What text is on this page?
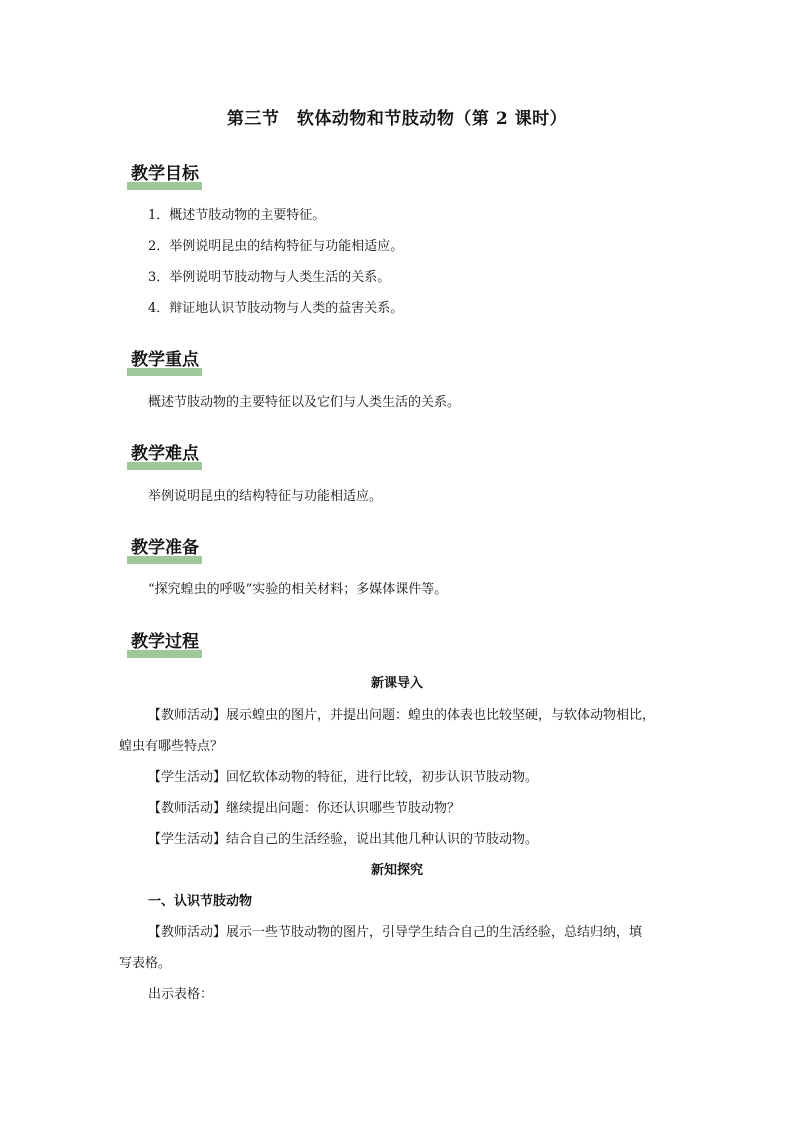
第三节　软体动物和节肢动物（第 2 课时）
教学目标
1．概述节肢动物的主要特征。
2．举例说明昆虫的结构特征与功能相适应。
3．举例说明节肢动物与人类生活的关系。
4．辩证地认识节肢动物与人类的益害关系。
教学重点
概述节肢动物的主要特征以及它们与人类生活的关系。
教学难点
举例说明昆虫的结构特征与功能相适应。
教学准备
“探究蝗虫的呼吸”实验的相关材料；多媒体课件等。
教学过程
新课导入
【教师活动】展示蝗虫的图片，并提出问题：蝗虫的体表也比较坚硬，与软体动物相比，
蝗虫有哪些特点？
【学生活动】回忆软体动物的特征，进行比较，初步认识节肢动物。
【教师活动】继续提出问题：你还认识哪些节肢动物？
【学生活动】结合自己的生活经验，说出其他几种认识的节肢动物。
新知探究
一、认识节肢动物
【教师活动】展示一些节肢动物的图片，引导学生结合自己的生活经验，总结归纳，填
写表格。
出示表格：
